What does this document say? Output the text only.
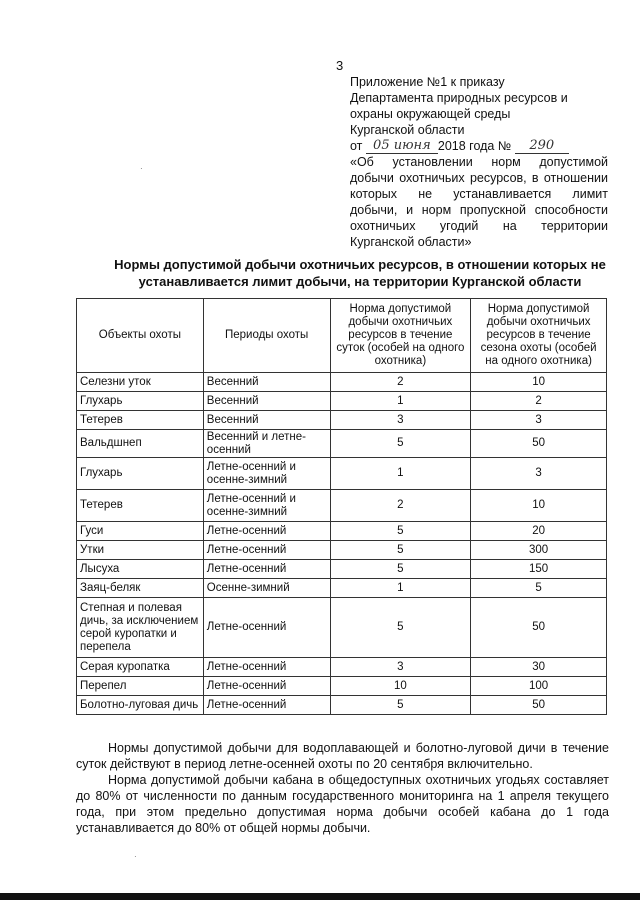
3
Приложение №1 к приказу
Департамента природных ресурсов и
охраны окружающей среды
Курганской области
от 05 июня 2018 года № 290
«Об установлении норм допустимой
добычи охотничьих ресурсов, в отношении
которых не устанавливается лимит
добычи, и норм пропускной способности
охотничьих угодий на территории
Курганской области»
Нормы допустимой добычи охотничьих ресурсов, в отношении которых не
устанавливается лимит добычи, на территории Курганской области
Объекты охоты	Периоды охоты	Норма допустимой добычи охотничьих ресурсов в течение суток (особей на одного охотника)	Норма допустимой добычи охотничьих ресурсов в течение сезона охоты (особей на одного охотника)
Селезни уток	Весенний	2	10
Глухарь	Весенний	1	2
Тетерев	Весенний	3	3
Вальдшнеп	Весенний и летне-осенний	5	50
Глухарь	Летне-осенний и осенне-зимний	1	3
Тетерев	Летне-осенний и осенне-зимний	2	10
Гуси	Летне-осенний	5	20
Утки	Летне-осенний	5	300
Лысуха	Летне-осенний	5	150
Заяц-беляк	Осенне-зимний	1	5
Степная и полевая дичь, за исключением серой куропатки и перепела	Летне-осенний	5	50
Серая куропатка	Летне-осенний	3	30
Перепел	Летне-осенний	10	100
Болотно-луговая дичь	Летне-осенний	5	50

Нормы допустимой добычи для водоплавающей и болотно-луговой дичи в течение суток действуют в период летне-осенней охоты по 20 сентября включительно.

Норма допустимой добычи кабана в общедоступных охотничьих угодьях составляет до 80% от численности по данным государственного мониторинга на 1 апреля текущего года, при этом предельно допустимая норма добычи особей кабана до 1 года устанавливается до 80% от общей нормы добычи.

·
·
